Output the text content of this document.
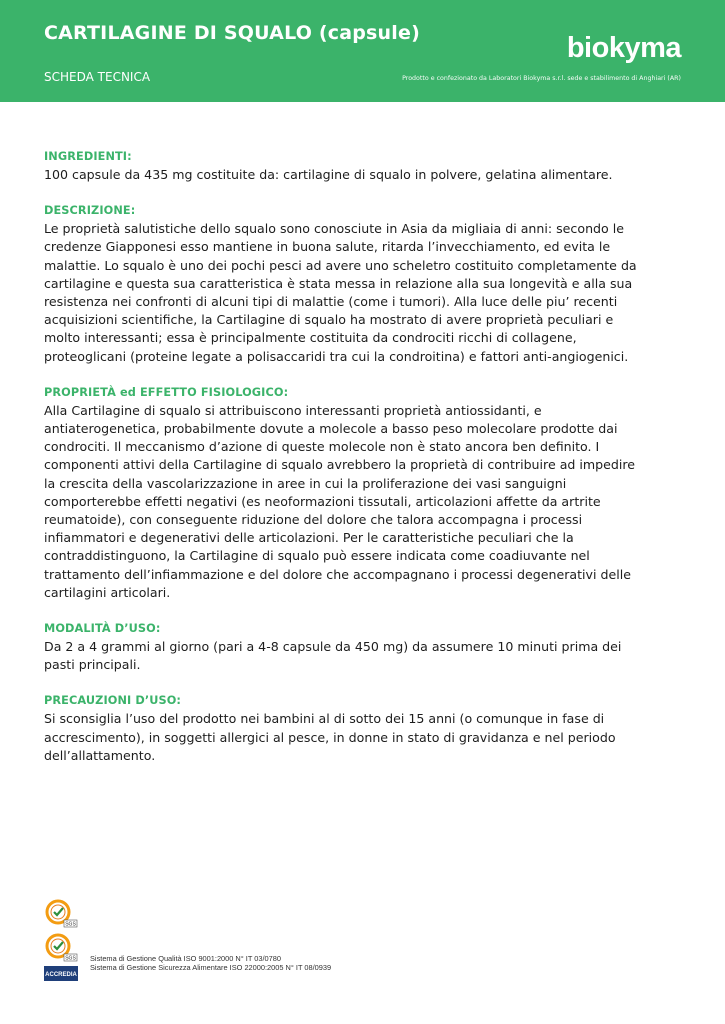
CARTILAGINE DI SQUALO (capsule)
SCHEDA TECNICA
biokyma
Prodotto e confezionato da Laboratori Biokyma s.r.l. sede e stabilimento di Anghiari (AR)
INGREDIENTI:

100 capsule da 435 mg costituite da: cartilagine di squalo in polvere, gelatina alimentare.

DESCRIZIONE:

Le proprietà salutistiche dello squalo sono conosciute in Asia da migliaia di anni: secondo le credenze Giapponesi esso mantiene in buona salute, ritarda l’invecchiamento, ed evita le malattie. Lo squalo è uno dei pochi pesci ad avere uno scheletro costituito completamente da cartilagine e questa sua caratteristica è stata messa in relazione alla sua longevità e alla sua resistenza nei confronti di alcuni tipi di malattie (come i tumori). Alla luce delle piu’ recenti acquisizioni scientifiche, la Cartilagine di squalo ha mostrato di avere proprietà peculiari e molto interessanti; essa è principalmente costituita da condrociti ricchi di collagene, proteoglicani (proteine legate a polisaccaridi tra cui la condroitina) e fattori anti-angiogenici.

PROPRIETÀ ed EFFETTO FISIOLOGICO:

Alla Cartilagine di squalo si attribuiscono interessanti proprietà antiossidanti, e antiaterogenetica, probabilmente dovute a molecole a basso peso molecolare prodotte dai condrociti. Il meccanismo d’azione di queste molecole non è stato ancora ben definito. I componenti attivi della Cartilagine di squalo avrebbero la proprietà di contribuire ad impedire la crescita della vascolarizzazione in aree in cui la proliferazione dei vasi sanguigni comporterebbe effetti negativi (es neoformazioni tissutali, articolazioni affette da artrite reumatoide), con conseguente riduzione del dolore che talora accompagna i processi infiammatori e degenerativi delle articolazioni. Per le caratteristiche peculiari che la contraddistinguono, la Cartilagine di squalo può essere indicata come coadiuvante nel trattamento dell’infiammazione e del dolore che accompagnano i processi degenerativi delle cartilagini articolari.

MODALITÀ D’USO:

Da 2 a 4 grammi al giorno (pari a 4-8 capsule da 450 mg) da assumere 10 minuti prima dei pasti principali.

PRECAUZIONI D’USO:

Si sconsiglia l’uso del prodotto nei bambini al di sotto dei 15 anni (o comunque in fase di accrescimento), in soggetti allergici al pesce, in donne in stato di gravidanza e nel periodo dell’allattamento.

SGS
SGS
ACCREDIA
Sistema di Gestione Qualità ISO 9001:2000 N° IT 03/0780
Sistema di Gestione Sicurezza Alimentare ISO 22000:2005 N° IT 08/0939
